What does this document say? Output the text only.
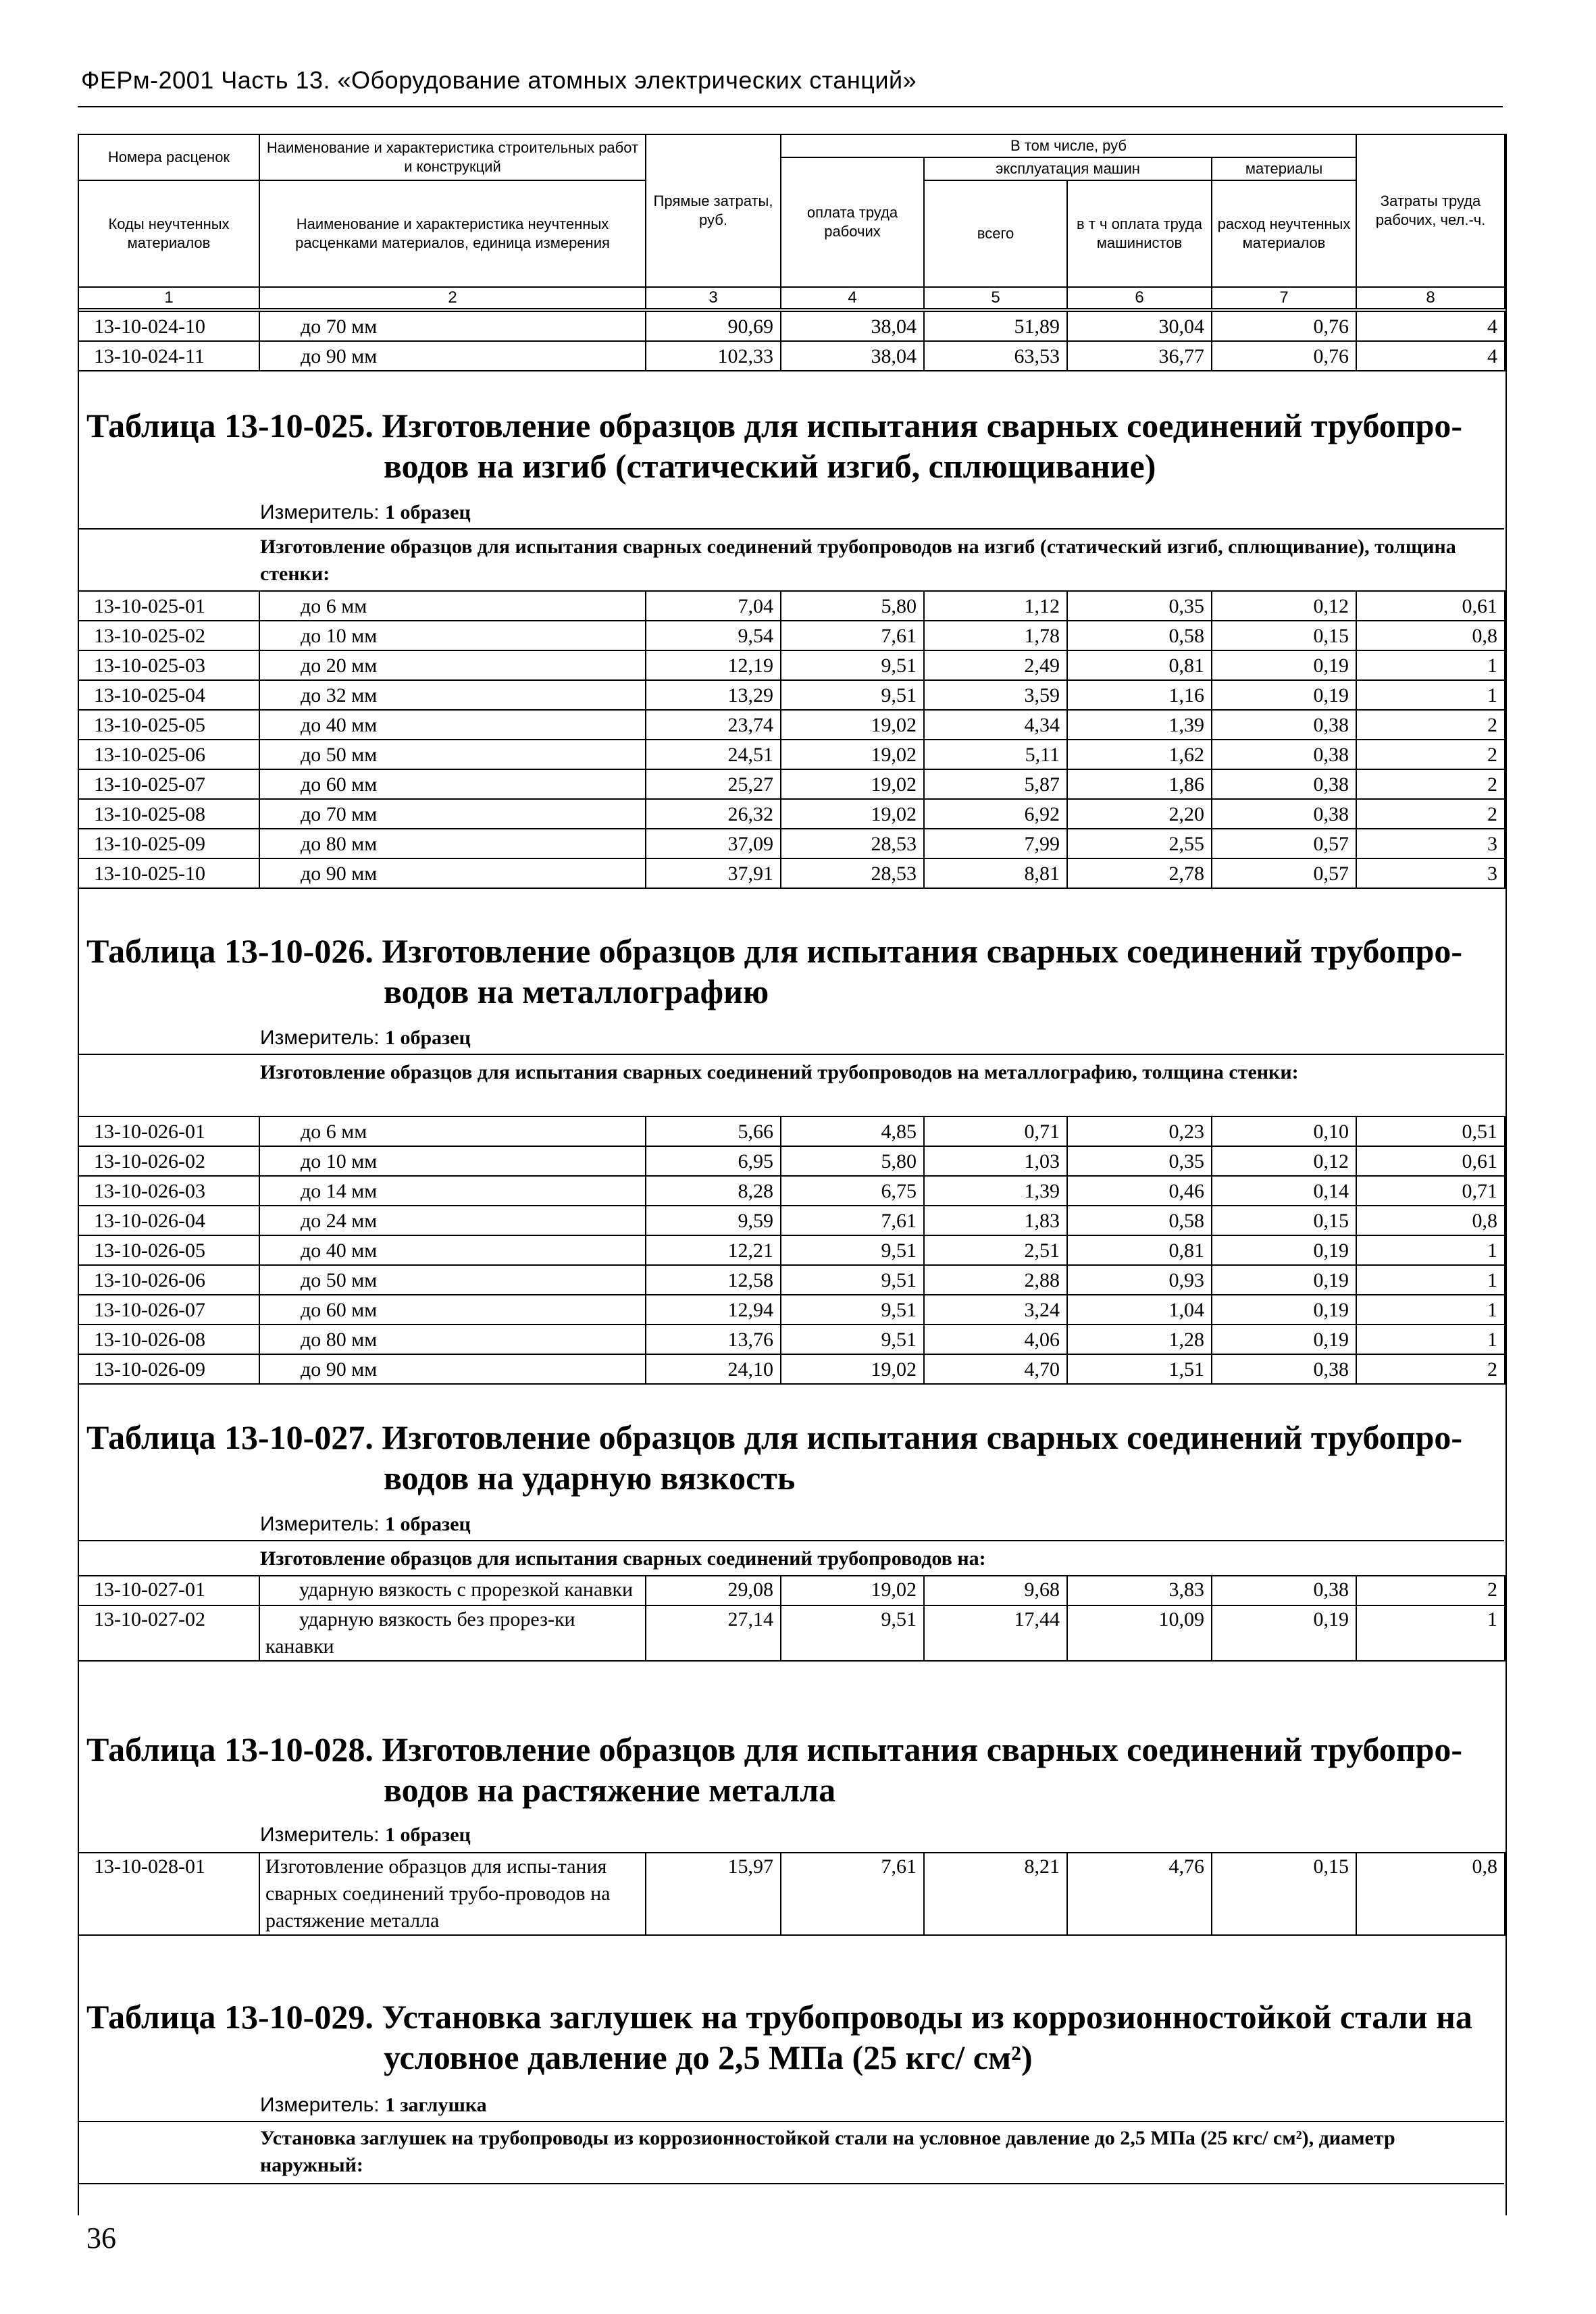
ФЕРм-2001 Часть 13. «Оборудование атомных электрических станций»
Номера расценок	Наименование и характеристика строительных работ и конструкций	Прямые затраты, руб.	В том числе, руб				Затраты труда рабочих, чел.-ч.
			оплата труда рабочих	эксплуатация машин		материалы	
Коды неучтенных материалов	Наименование и характеристика неучтенных расценками материалов, единица измерения			всего	в т ч оплата труда машинистов	расход неучтенных материалов	

1	2	3	4	5	6	7	8
13-10-024-10	до 70 мм	90,69	38,04	51,89	30,04	0,76	4
13-10-024-11	до 90 мм	102,33	38,04	63,53	36,77	0,76	4
Таблица 13-10-025. Изготовление образцов для испытания сварных соединений трубопро-
водов на изгиб (статический изгиб, сплющивание)
Измеритель: 1 образец
Изготовление образцов для испытания сварных соединений трубопроводов на изгиб (статический изгиб, сплющивание), толщина стенки:
13-10-025-01	до 6 мм	7,04	5,80	1,12	0,35	0,12	0,61
13-10-025-02	до 10 мм	9,54	7,61	1,78	0,58	0,15	0,8
13-10-025-03	до 20 мм	12,19	9,51	2,49	0,81	0,19	1
13-10-025-04	до 32 мм	13,29	9,51	3,59	1,16	0,19	1
13-10-025-05	до 40 мм	23,74	19,02	4,34	1,39	0,38	2
13-10-025-06	до 50 мм	24,51	19,02	5,11	1,62	0,38	2
13-10-025-07	до 60 мм	25,27	19,02	5,87	1,86	0,38	2
13-10-025-08	до 70 мм	26,32	19,02	6,92	2,20	0,38	2
13-10-025-09	до 80 мм	37,09	28,53	7,99	2,55	0,57	3
13-10-025-10	до 90 мм	37,91	28,53	8,81	2,78	0,57	3
Таблица 13-10-026. Изготовление образцов для испытания сварных соединений трубопро-
водов на металлографию
Измеритель: 1 образец
Изготовление образцов для испытания сварных соединений трубопроводов на металлографию, толщина стенки:
13-10-026-01	до 6 мм	5,66	4,85	0,71	0,23	0,10	0,51
13-10-026-02	до 10 мм	6,95	5,80	1,03	0,35	0,12	0,61
13-10-026-03	до 14 мм	8,28	6,75	1,39	0,46	0,14	0,71
13-10-026-04	до 24 мм	9,59	7,61	1,83	0,58	0,15	0,8
13-10-026-05	до 40 мм	12,21	9,51	2,51	0,81	0,19	1
13-10-026-06	до 50 мм	12,58	9,51	2,88	0,93	0,19	1
13-10-026-07	до 60 мм	12,94	9,51	3,24	1,04	0,19	1
13-10-026-08	до 80 мм	13,76	9,51	4,06	1,28	0,19	1
13-10-026-09	до 90 мм	24,10	19,02	4,70	1,51	0,38	2
Таблица 13-10-027. Изготовление образцов для испытания сварных соединений трубопро-
водов на ударную вязкость
Измеритель: 1 образец
Изготовление образцов для испытания сварных соединений трубопроводов на:
13-10-027-01	ударную вязкость с прорезкой канавки	29,08	19,02	9,68	3,83	0,38	2
13-10-027-02	ударную вязкость без прорез-ки канавки	27,14	9,51	17,44	10,09	0,19	1
Таблица 13-10-028. Изготовление образцов для испытания сварных соединений трубопро-
водов на растяжение металла
Измеритель: 1 образец
13-10-028-01	Изготовление образцов для испы-тания сварных соединений трубо-проводов на растяжение металла	15,97	7,61	8,21	4,76	0,15	0,8
Таблица 13-10-029. Установка заглушек на трубопроводы из коррозионностойкой стали на
условное давление до 2,5 МПа (25 кгс/ см²)
Измеритель: 1 заглушка
Установка заглушек на трубопроводы из коррозионностойкой стали на условное давление до 2,5 МПа (25 кгс/ см²), диаметр наружный:
36
